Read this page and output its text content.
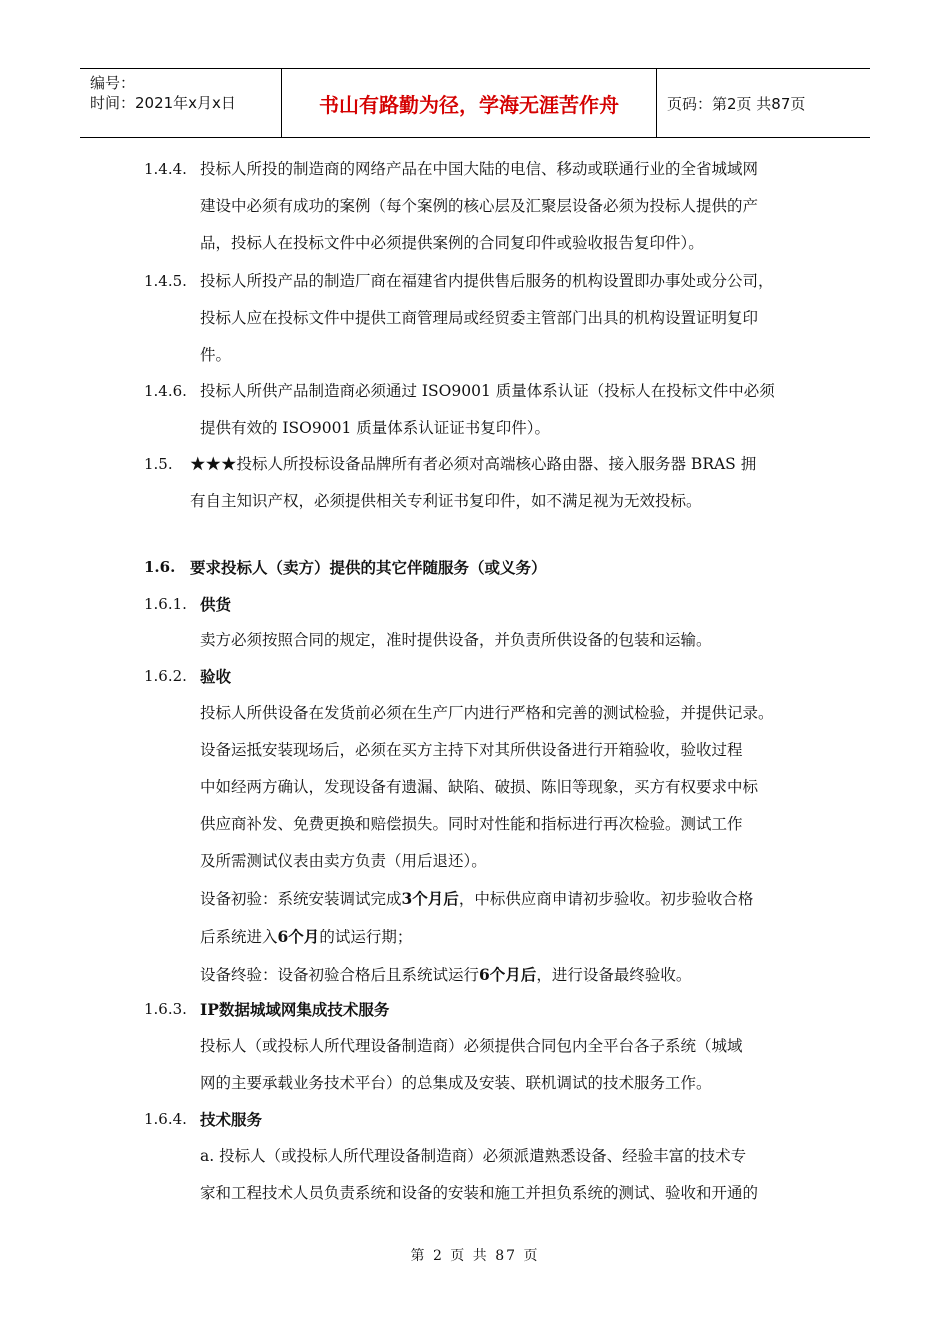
编号：
时间：2021年x月x日	书山有路勤为径，学海无涯苦作舟	页码：第2页 共87页
1.4.4. 投标人所投的制造商的网络产品在中国大陆的电信、移动或联通行业的全省城域网
建设中必须有成功的案例（每个案例的核心层及汇聚层设备必须为投标人提供的产
品，投标人在投标文件中必须提供案例的合同复印件或验收报告复印件）。
1.4.5. 投标人所投产品的制造厂商在福建省内提供售后服务的机构设置即办事处或分公司，
投标人应在投标文件中提供工商管理局或经贸委主管部门出具的机构设置证明复印
件。
1.4.6. 投标人所供产品制造商必须通过 ISO9001 质量体系认证（投标人在投标文件中必须
提供有效的 ISO9001 质量体系认证证书复印件）。
1.5. ★★★投标人所投标设备品牌所有者必须对高端核心路由器、接入服务器 BRAS 拥
有自主知识产权，必须提供相关专利证书复印件，如不满足视为无效投标。
1.6. 要求投标人（卖方）提供的其它伴随服务（或义务）
1.6.1. 供货
卖方必须按照合同的规定，准时提供设备，并负责所供设备的包装和运输。
1.6.2. 验收
投标人所供设备在发货前必须在生产厂内进行严格和完善的测试检验，并提供记录。
设备运抵安装现场后，必须在买方主持下对其所供设备进行开箱验收，验收过程
中如经两方确认，发现设备有遗漏、缺陷、破损、陈旧等现象，买方有权要求中标
供应商补发、免费更换和赔偿损失。同时对性能和指标进行再次检验。测试工作
及所需测试仪表由卖方负责（用后退还）。
设备初验：系统安装调试完成3个月后，中标供应商申请初步验收。初步验收合格
后系统进入6个月的试运行期；
设备终验：设备初验合格后且系统试运行6个月后，进行设备最终验收。
1.6.3. IP数据城域网集成技术服务
投标人（或投标人所代理设备制造商）必须提供合同包内全平台各子系统（城域
网的主要承载业务技术平台）的总集成及安装、联机调试的技术服务工作。
1.6.4. 技术服务
a. 投标人（或投标人所代理设备制造商）必须派遣熟悉设备、经验丰富的技术专
家和工程技术人员负责系统和设备的安装和施工并担负系统的测试、验收和开通的
第 2 页 共 87 页
